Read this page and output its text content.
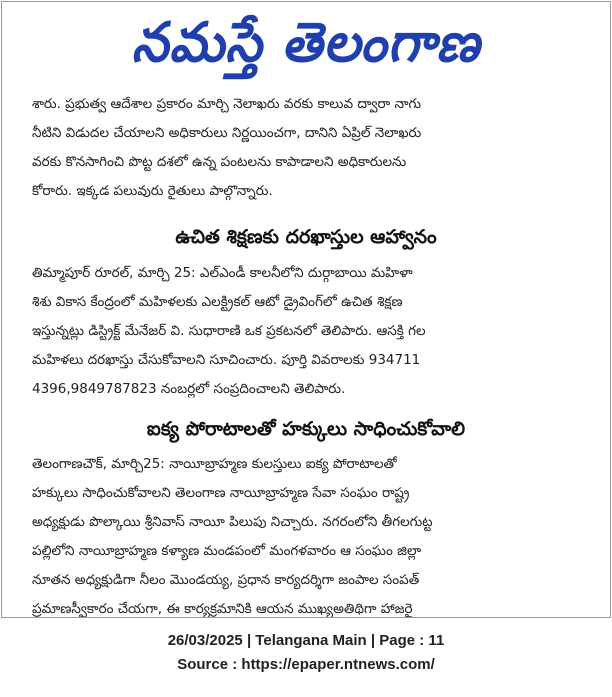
నమస్తే తెలంగాణ

శారు. ప్రభుత్వ ఆదేశాల ప్రకారం మార్చి నెలాఖరు వరకు కాలువ ద్వారా నాగు

నీటిని విడుదల చేయాలని అధికారులు నిర్ణయించగా, దానిని ఏప్రిల్ నెలాఖరు

వరకు కొనసాగించి పొట్ట దశలో ఉన్న పంటలను కాపాడాలని అధికారులను

కోరారు. ఇక్కడ పలువురు రైతులు పాల్గొన్నారు.

ఉచిత శిక్షణకు దరఖాస్తుల ఆహ్వానం

తిమ్మాపూర్ రూరల్, మార్చి 25: ఎల్ఎండీ కాలనీలోని దుర్గాబాయి మహిళా

శిశు వికాస కేంద్రంలో మహిళలకు ఎలక్ట్రికల్ ఆటో డ్రైవింగ్‌లో ఉచిత శిక్షణ

ఇస్తున్నట్లు డిస్ట్రిక్ట్ మేనేజర్ వి. సుధారాణి ఒక ప్రకటనలో తెలిపారు. ఆసక్తి గల

మహిళలు దరఖాస్తు చేసుకోవాలని సూచించారు. పూర్తి వివరాలకు 934711

4396,9849787823 నంబర్లలో సంప్రదించాలని తెలిపారు.

ఐక్య పోరాటాలతో హక్కులు సాధించుకోవాలి

తెలంగాణచౌక్, మార్చి25: నాయీబ్రాహ్మణ కులస్తులు ఐక్య పోరాటాలతో

హక్కులు సాధించుకోవాలని తెలంగాణ నాయీబ్రాహ్మణ సేవా సంఘం రాష్ట్ర

అధ్యక్షుడు పొల్కాయి శ్రీనివాస్ నాయీ పిలుపు నిచ్చారు. నగరంలోని తీగలగుట్ట

పల్లిలోని నాయీబ్రాహ్మణ కళ్యాణ మండపంలో మంగళవారం ఆ సంఘం జిల్లా

నూతన అధ్యక్షుడిగా నీలం మొండయ్య, ప్రధాన కార్యదర్శిగా జంపాల సంపత్

ప్రమాణస్వీకారం చేయగా, ఈ కార్యక్రమానికి ఆయన ముఖ్యఅతిథిగా హాజరై

26/03/2025 | Telangana Main | Page : 11
Source : https://epaper.ntnews.com/
